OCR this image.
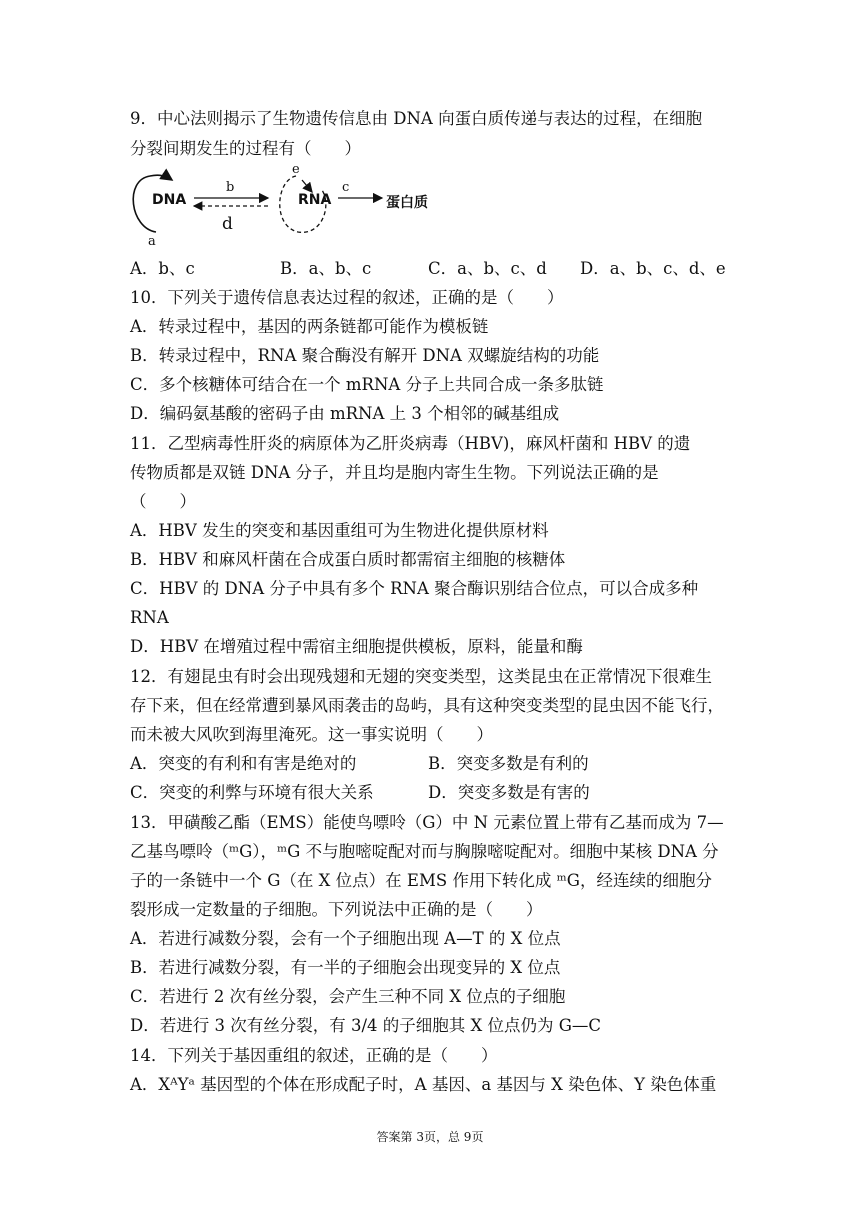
9．中心法则揭示了生物遗传信息由 DNA 向蛋白质传递与表达的过程，在细胞
分裂间期发生的过程有（　　）
DNA	RNA	蛋白质
a
b	c
d
e
A．b、c	B．a、b、c	C．a、b、c、d D．a、b、c、d、e
10．下列关于遗传信息表达过程的叙述，正确的是（　　）
A．转录过程中，基因的两条链都可能作为模板链
B．转录过程中，RNA 聚合酶没有解开 DNA 双螺旋结构的功能
C．多个核糖体可结合在一个 mRNA 分子上共同合成一条多肽链
D．编码氨基酸的密码子由 mRNA 上 3 个相邻的碱基组成
11．乙型病毒性肝炎的病原体为乙肝炎病毒（HBV)，麻风杆菌和 HBV 的遗
传物质都是双链 DNA 分子，并且均是胞内寄生生物。下列说法正确的是
（　　）
A．HBV 发生的突变和基因重组可为生物进化提供原材料
B．HBV 和麻风杆菌在合成蛋白质时都需宿主细胞的核糖体
C．HBV 的 DNA 分子中具有多个 RNA 聚合酶识别结合位点，可以合成多种
RNA
D．HBV 在增殖过程中需宿主细胞提供模板，原料，能量和酶
12．有翅昆虫有时会出现残翅和无翅的突变类型，这类昆虫在正常情况下很难生
存下来，但在经常遭到暴风雨袭击的岛屿，具有这种突变类型的昆虫因不能飞行，
而未被大风吹到海里淹死。这一事实说明（　　）
A．突变的有利和有害是绝对的	B．突变多数是有利的
C．突变的利弊与环境有很大关系	D．突变多数是有害的
13．甲磺酸乙酯（EMS）能使鸟嘌呤（G）中 N 元素位置上带有乙基而成为 7—
乙基鸟嘌呤（ᵐG），ᵐG 不与胞嘧啶配对而与胸腺嘧啶配对。细胞中某核 DNA 分
子的一条链中一个 G（在 X 位点）在 EMS 作用下转化成 ᵐG，经连续的细胞分
裂形成一定数量的子细胞。下列说法中正确的是（　　）
A．若进行减数分裂，会有一个子细胞出现 A—T 的 X 位点
B．若进行减数分裂，有一半的子细胞会出现变异的 X 位点
C．若进行 2 次有丝分裂，会产生三种不同 X 位点的子细胞
D．若进行 3 次有丝分裂，有 3/4 的子细胞其 X 位点仍为 G—C
14．下列关于基因重组的叙述，正确的是（　　）
A．XᴬYᵃ 基因型的个体在形成配子时，A 基因、a 基因与 X 染色体、Y 染色体重
答案第 3页，总 9页
